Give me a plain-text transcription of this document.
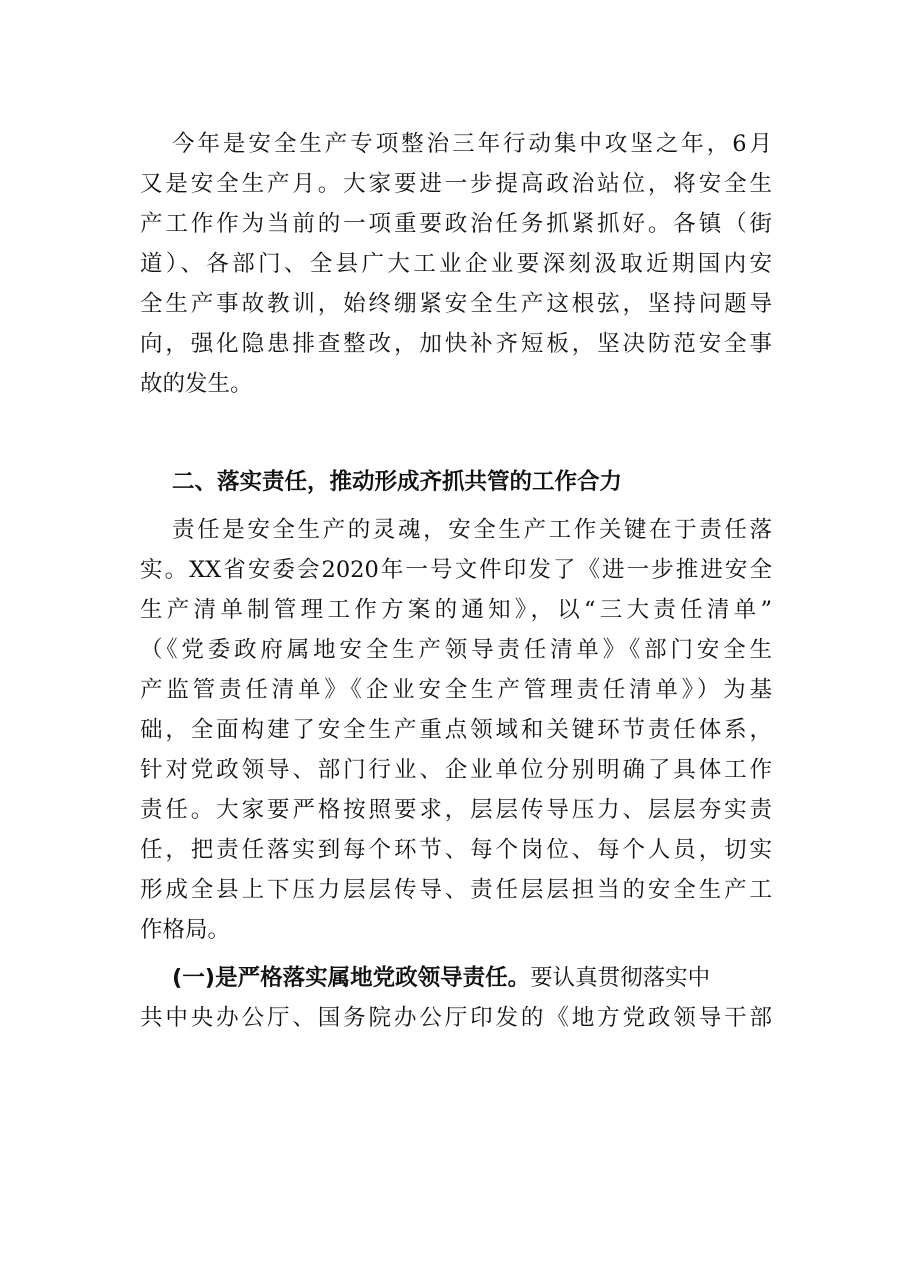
今年是安全生产专项整治三年行动集中攻坚之年，6月
又是安全生产月。大家要进一步提高政治站位，将安全生
产工作作为当前的一项重要政治任务抓紧抓好。各镇（街
道）、各部门、全县广大工业企业要深刻汲取近期国内安
全生产事故教训，始终绷紧安全生产这根弦，坚持问题导
向，强化隐患排查整改，加快补齐短板，坚决防范安全事
故的发生。
二、落实责任，推动形成齐抓共管的工作合力
责任是安全生产的灵魂，安全生产工作关键在于责任落
实。XX省安委会2020年一号文件印发了《进一步推进安全
生产清单制管理工作方案的通知》，以“三大责任清单”
（《党委政府属地安全生产领导责任清单》《部门安全生
产监管责任清单》《企业安全生产管理责任清单》）为基
础，全面构建了安全生产重点领域和关键环节责任体系，
针对党政领导、部门行业、企业单位分别明确了具体工作
责任。大家要严格按照要求，层层传导压力、层层夯实责
任，把责任落实到每个环节、每个岗位、每个人员，切实
形成全县上下压力层层传导、责任层层担当的安全生产工
作格局。
(一)是严格落实属地党政领导责任。要认真贯彻落实中
共中央办公厅、国务院办公厅印发的《地方党政领导干部
